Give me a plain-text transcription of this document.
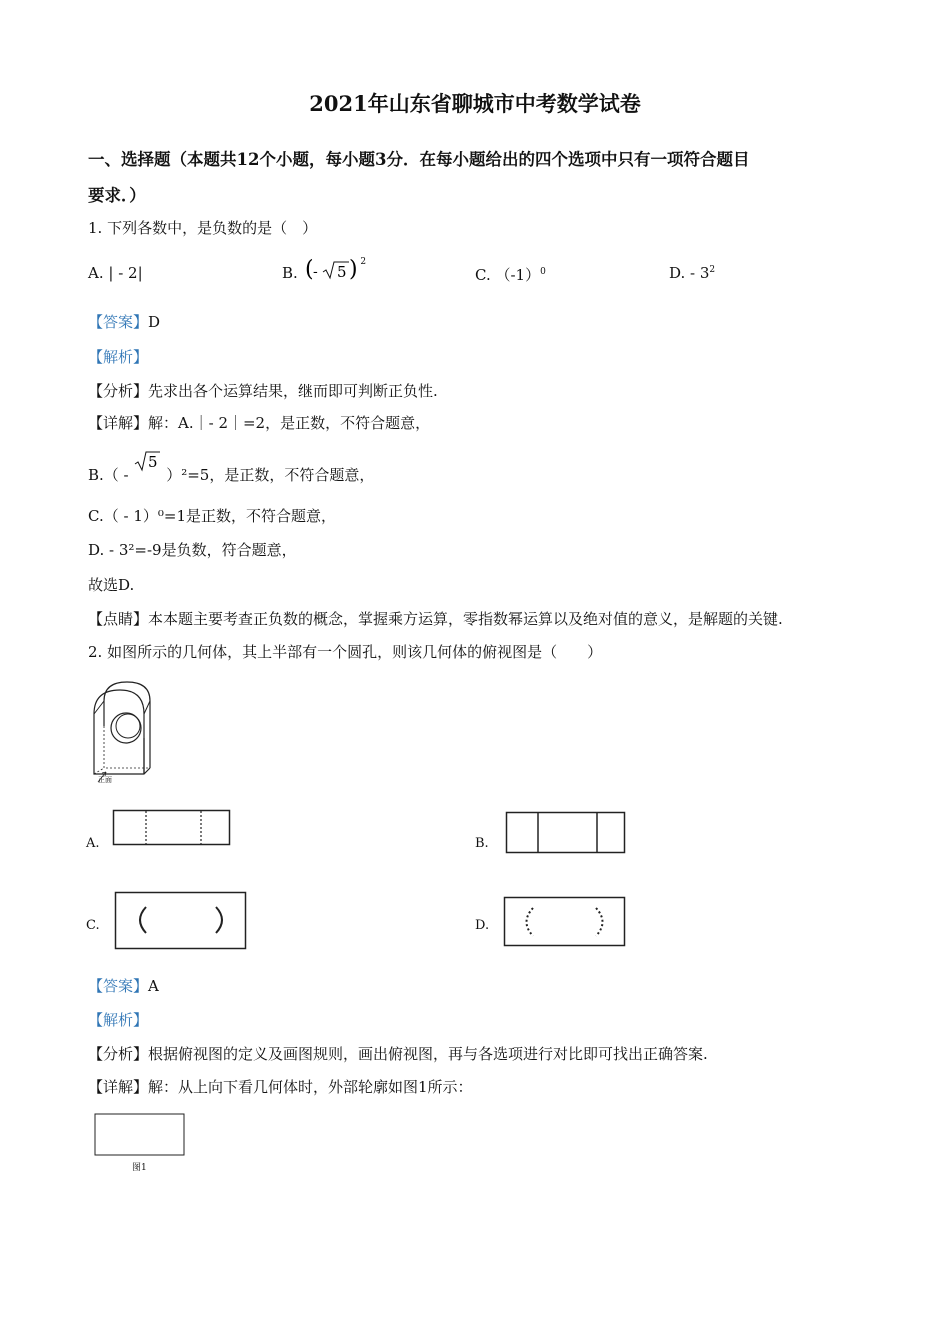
2021年山东省聊城市中考数学试卷
一、选择题（本题共12个小题，每小题3分．在每小题给出的四个选项中只有一项符合题目
要求．）
1. 下列各数中，是负数的是（　）
A. | - 2|	B. ( - 5 ) $^2$
C. $(-1)^0$	D. - $3^2$
【答案】D
【解析】
【分析】先求出各个运算结果，继而即可判断正负性.
【详解】解：A.｜- 2｜=2，是正数，不符合题意，
B.（ -
5
）²=5，是正数，不符合题意，
C.（ - 1）⁰=1是正数，不符合题意，
D. - 3²=-9是负数，符合题意，
故选D.
【点睛】本本题主要考查正负数的概念，掌握乘方运算，零指数幂运算以及绝对值的意义，是解题的关键.
2. 如图所示的几何体，其上半部有一个圆孔，则该几何体的俯视图是（　　）
正面
A.	B.
C.	D.
【答案】A
【解析】
【分析】根据俯视图的定义及画图规则，画出俯视图，再与各选项进行对比即可找出正确答案.
【详解】解：从上向下看几何体时，外部轮廓如图1所示：
图1
